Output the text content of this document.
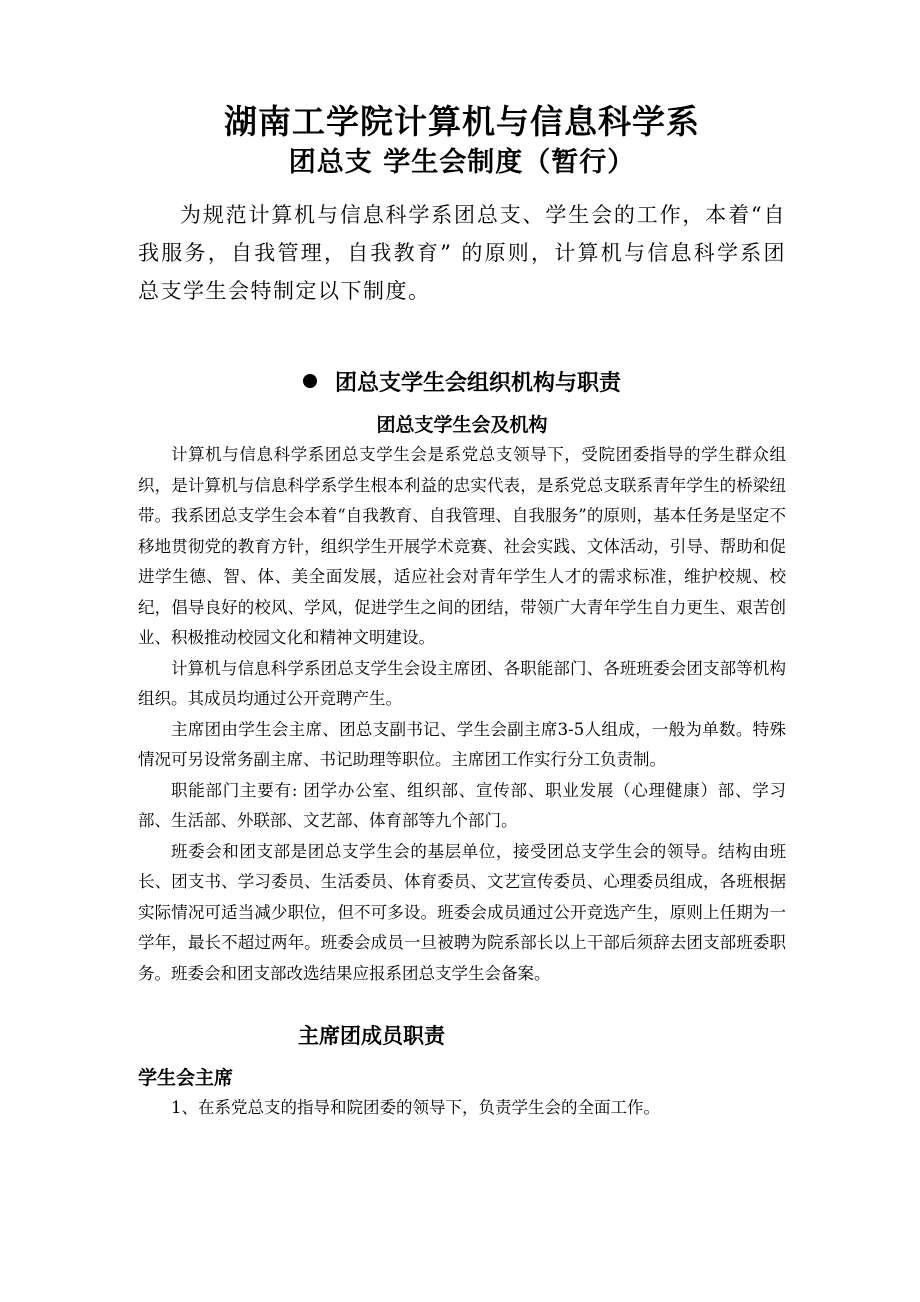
湖南工学院计算机与信息科学系
团总支 学生会制度（暂行）

为规范计算机与信息科学系团总支、学生会的工作，本着“自我服务，自我管理，自我教育” 的原则，计算机与信息科学系团总支学生会特制定以下制度。

团总支学生会组织机构与职责
团总支学生会及机构

计算机与信息科学系团总支学生会是系党总支领导下，受院团委指导的学生群众组织，是计算机与信息科学系学生根本利益的忠实代表，是系党总支联系青年学生的桥梁纽带。我系团总支学生会本着“自我教育、自我管理、自我服务”的原则，基本任务是坚定不移地贯彻党的教育方针，组织学生开展学术竞赛、社会实践、文体活动，引导、帮助和促进学生德、智、体、美全面发展，适应社会对青年学生人才的需求标准，维护校规、校纪，倡导良好的校风、学风，促进学生之间的团结，带领广大青年学生自力更生、艰苦创业、积极推动校园文化和精神文明建设。

计算机与信息科学系团总支学生会设主席团、各职能部门、各班班委会团支部等机构组织。其成员均通过公开竞聘产生。

主席团由学生会主席、团总支副书记、学生会副主席3-5人组成，一般为单数。特殊情况可另设常务副主席、书记助理等职位。主席团工作实行分工负责制。

职能部门主要有: 团学办公室、组织部、宣传部、职业发展（心理健康）部、学习部、生活部、外联部、文艺部、体育部等九个部门。

班委会和团支部是团总支学生会的基层单位，接受团总支学生会的领导。结构由班长、团支书、学习委员、生活委员、体育委员、文艺宣传委员、心理委员组成，各班根据实际情况可适当减少职位，但不可多设。班委会成员通过公开竞选产生，原则上任期为一学年，最长不超过两年。班委会成员一旦被聘为院系部长以上干部后须辞去团支部班委职务。班委会和团支部改选结果应报系团总支学生会备案。

主席团成员职责
学生会主席

1、在系党总支的指导和院团委的领导下，负责学生会的全面工作。
